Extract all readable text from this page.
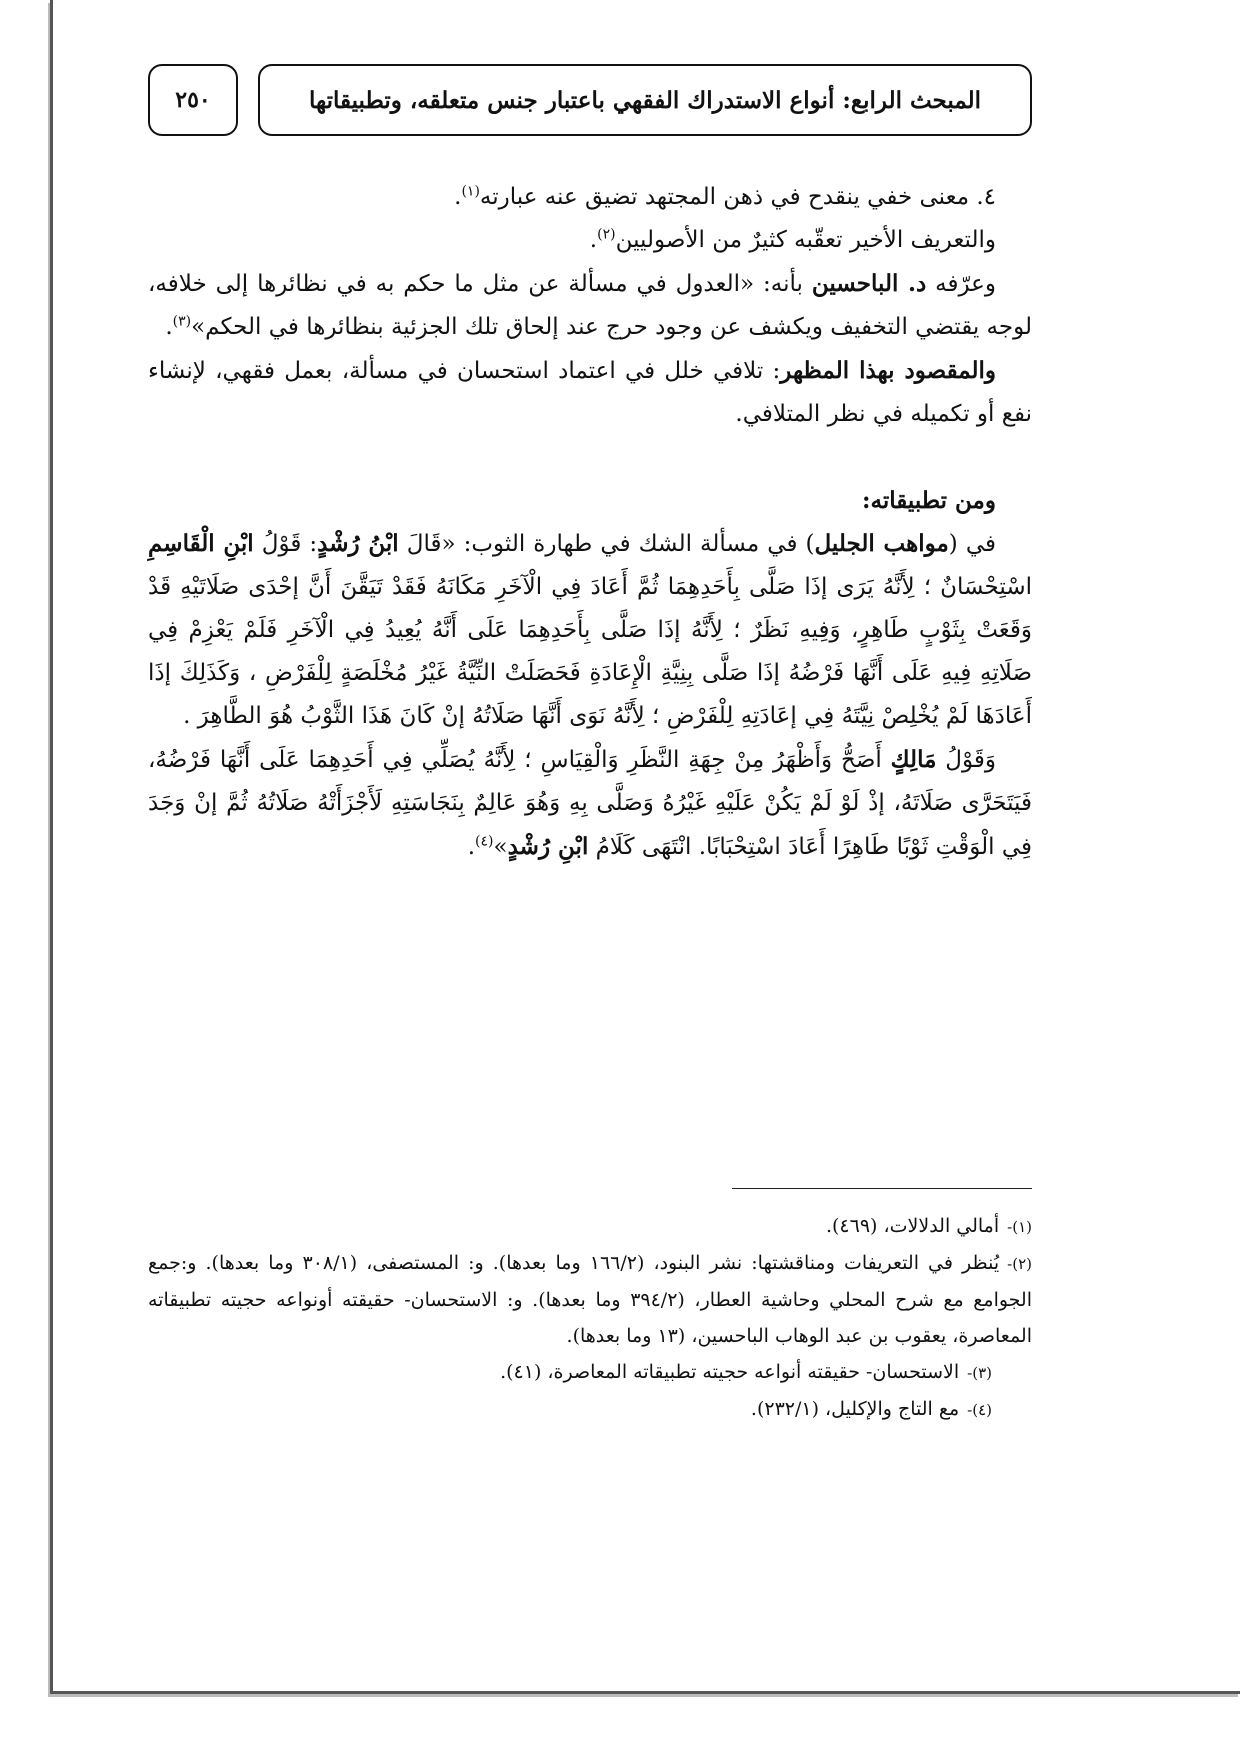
٢٥٠	المبحث الرابع: أنواع الاستدراك الفقهي باعتبار جنس متعلقه، وتطبيقاتها

٤. معنى خفي ينقدح في ذهن المجتهد تضيق عنه عبارته$^{(١)}$.

والتعريف الأخير تعقّبه كثيرٌ من الأصوليين$^{(٢)}$.

وعرّفه د. الباحسين بأنه: «العدول في مسألة عن مثل ما حكم به في نظائرها إلى خلافه، لوجه يقتضي التخفيف ويكشف عن وجود حرج عند إلحاق تلك الجزئية بنظائرها في الحكم»$^{(٣)}$.

والمقصود بهذا المظهر: تلافي خلل في اعتماد استحسان في مسألة، بعمل فقهي، لإنشاء نفع أو تكميله في نظر المتلافي.

ومن تطبيقاته:

في (مواهب الجليل) في مسألة الشك في طهارة الثوب: «قَالَ ابْنُ رُشْدٍ: قَوْلُ ابْنِ الْقَاسِمِ اسْتِحْسَانٌ ؛ لِأَنَّهُ يَرَى إذَا صَلَّى بِأَحَدِهِمَا ثُمَّ أَعَادَ فِي الْآخَرِ مَكَانَهُ فَقَدْ تَيَقَّنَ أَنَّ إحْدَى صَلَاتَيْهِ قَدْ وَقَعَتْ بِثَوْبٍ طَاهِرٍ، وَفِيهِ نَظَرٌ ؛ لِأَنَّهُ إذَا صَلَّى بِأَحَدِهِمَا عَلَى أَنَّهُ يُعِيدُ فِي الْآخَرِ فَلَمْ يَعْزِمْ فِي صَلَاتِهِ فِيهِ عَلَى أَنَّهَا فَرْضُهُ إذَا صَلَّى بِنِيَّةِ الْإِعَادَةِ فَحَصَلَتْ النِّيَّةُ غَيْرُ مُخْلَصَةٍ لِلْفَرْضِ ، وَكَذَلِكَ إذَا أَعَادَهَا لَمْ يُخْلِصْ نِيَّتَهُ فِي إعَادَتِهِ لِلْفَرْضِ ؛ لِأَنَّهُ نَوَى أَنَّهَا صَلَاتُهُ إنْ كَانَ هَذَا الثَّوْبُ هُوَ الطَّاهِرَ .

وَقَوْلُ مَالِكٍ أَصَحُّ وَأَظْهَرُ مِنْ جِهَةِ النَّظَرِ وَالْقِيَاسِ ؛ لِأَنَّهُ يُصَلِّي فِي أَحَدِهِمَا عَلَى أَنَّهَا فَرْضُهُ، فَيَتَحَرَّى صَلَاتَهُ، إذْ لَوْ لَمْ يَكُنْ عَلَيْهِ غَيْرُهُ وَصَلَّى بِهِ وَهُوَ عَالِمٌ بِنَجَاسَتِهِ لَأَجْزَأَتْهُ صَلَاتُهُ ثُمَّ إنْ وَجَدَ فِي الْوَقْتِ ثَوْبًا طَاهِرًا أَعَادَ اسْتِحْبَابًا. انْتَهَى كَلَامُ ابْنِ رُشْدٍ»$^{(٤)}$.

(١)-أمالي الدلالات، (٤٦٩).

(٢)-يُنظر في التعريفات ومناقشتها: نشر البنود، (١٦٦/٢ وما بعدها). و: المستصفى، (٣٠٨/١ وما بعدها). و:جمع الجوامع مع شرح المحلي وحاشية العطار، (٣٩٤/٢ وما بعدها). و: الاستحسان- حقيقته أونواعه حجيته تطبيقاته المعاصرة، يعقوب بن عبد الوهاب الباحسين، (١٣ وما بعدها).

(٣)-الاستحسان- حقيقته أنواعه حجيته تطبيقاته المعاصرة، (٤١).

(٤)-مع التاج والإكليل، (٢٣٢/١).
